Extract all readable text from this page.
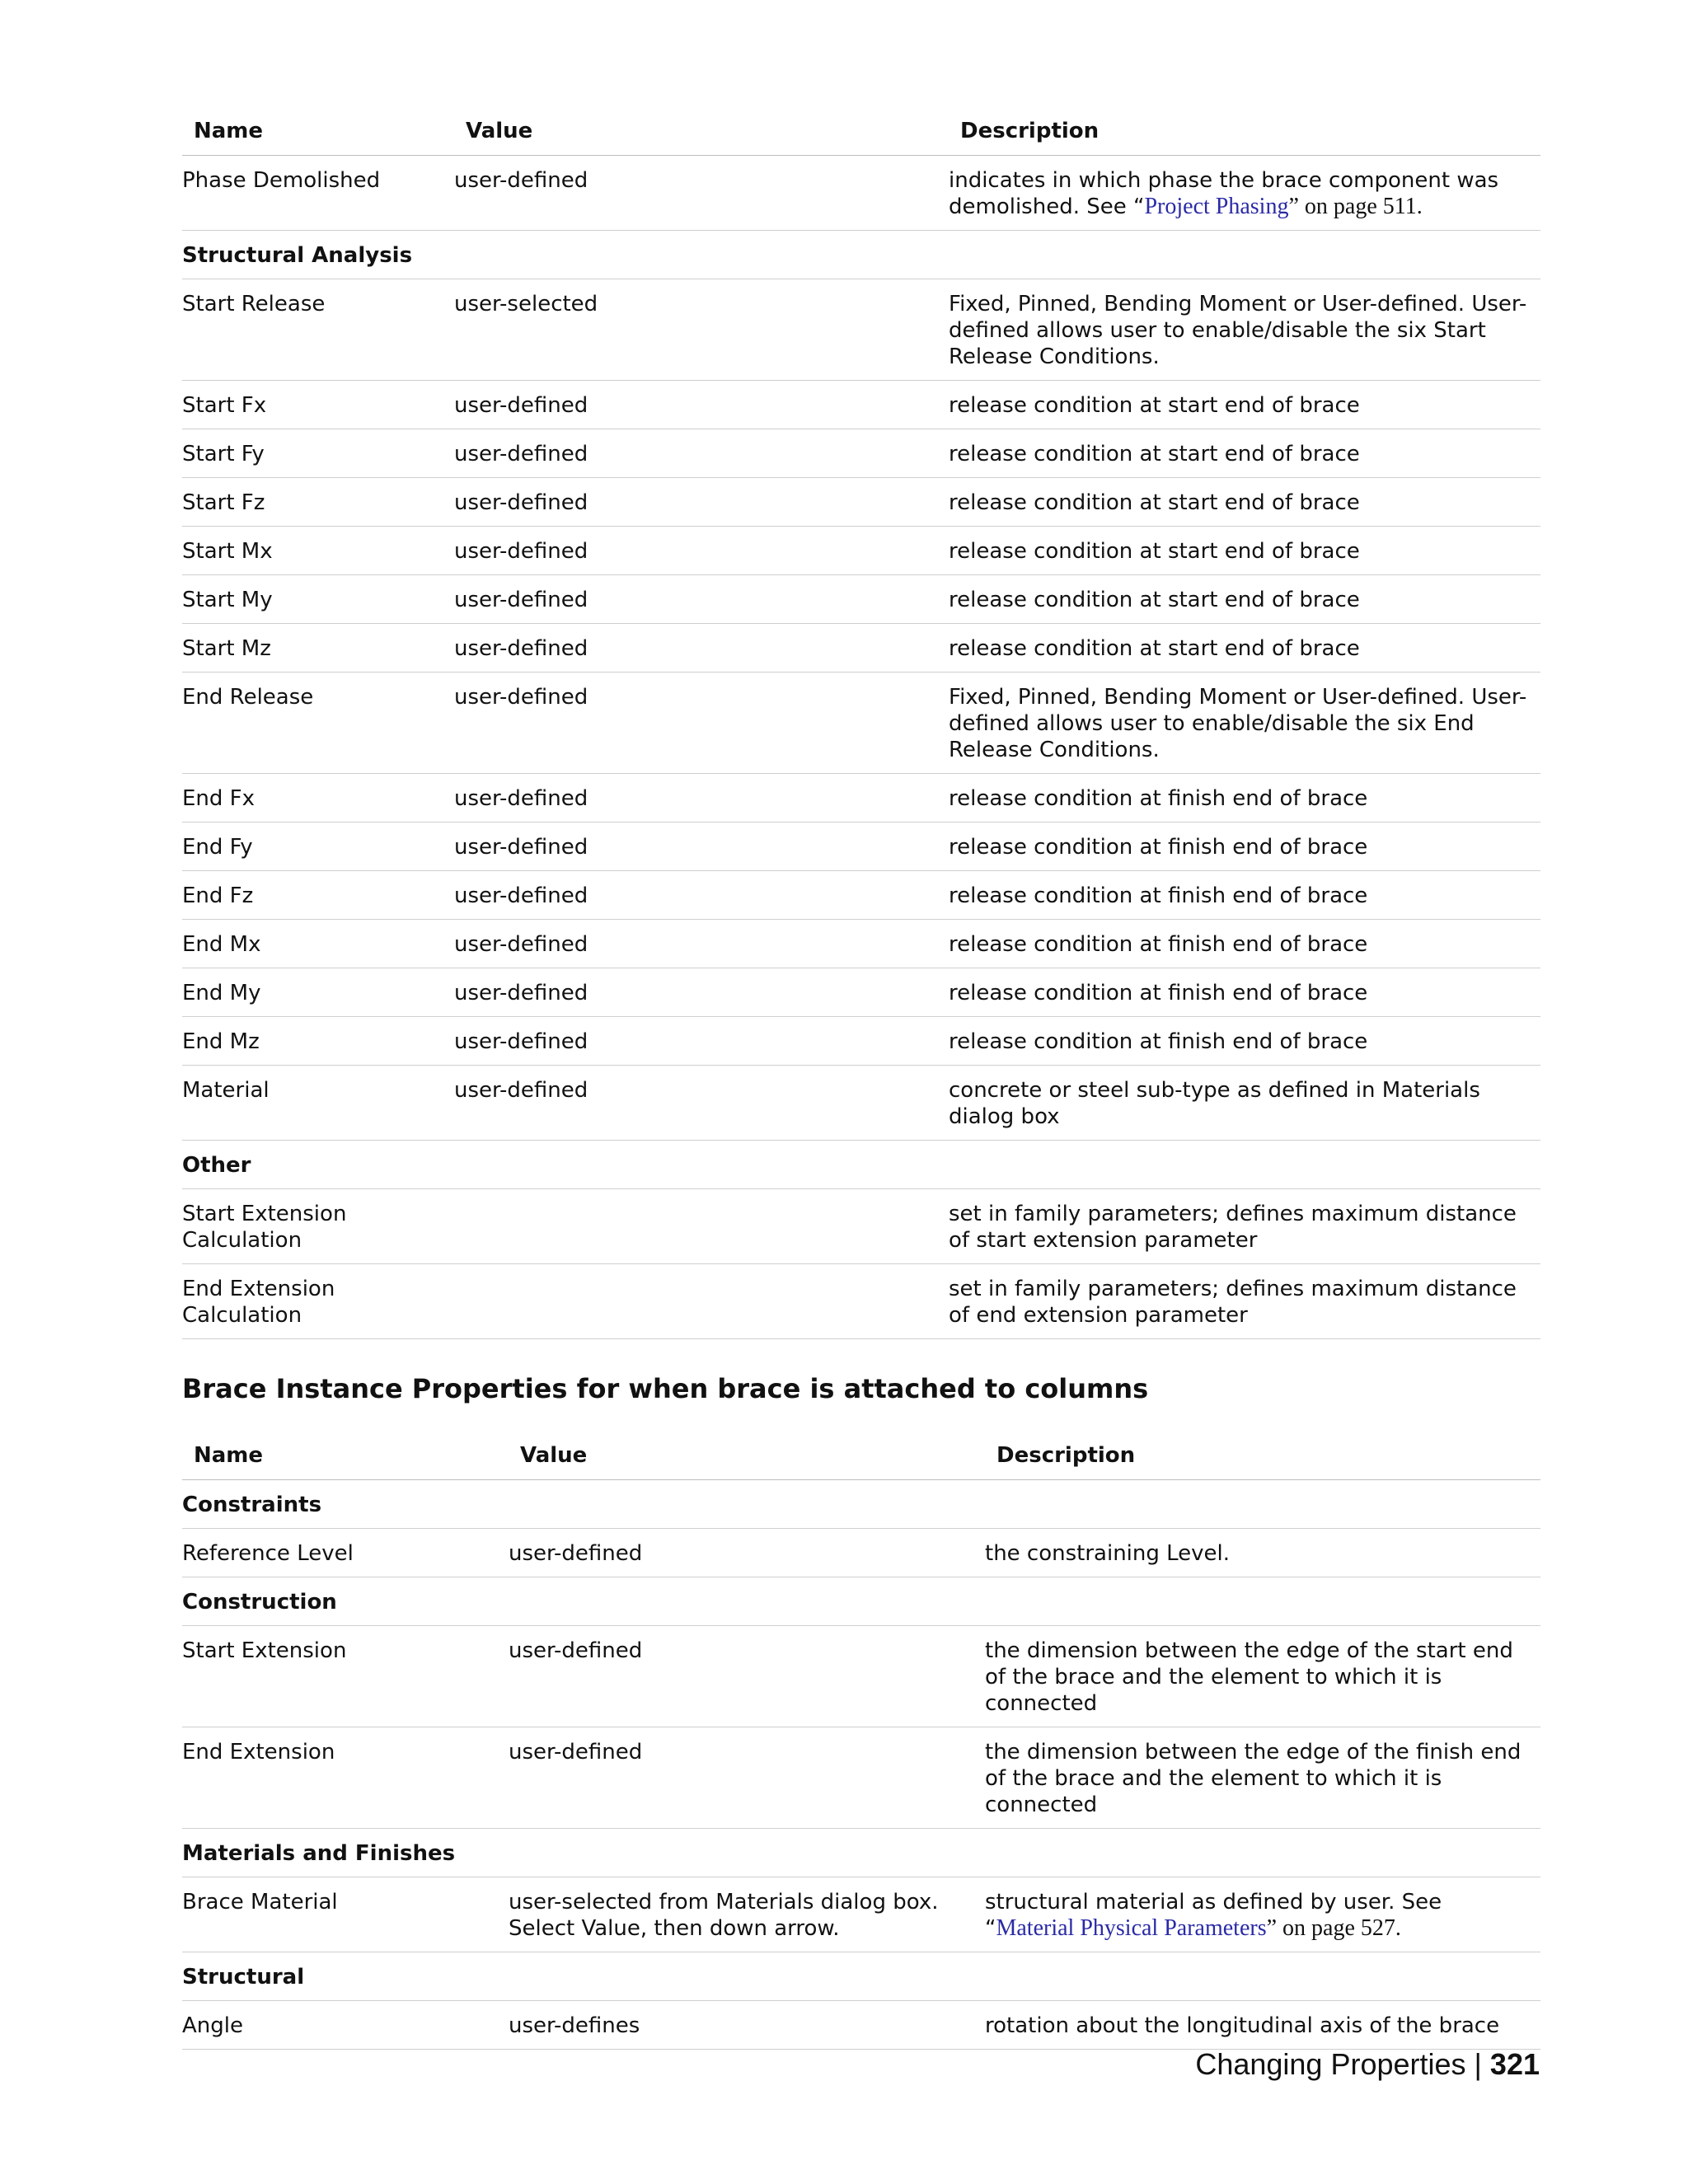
Name	Value	Description
Phase Demolished	user-defined	indicates in which phase the brace component was demolished. See “Project Phasing” on page 511.
Structural Analysis		
Start Release	user-selected	Fixed, Pinned, Bending Moment or User-defined. User-defined allows user to enable/disable the six Start Release Conditions.
Start Fx	user-defined	release condition at start end of brace
Start Fy	user-defined	release condition at start end of brace
Start Fz	user-defined	release condition at start end of brace
Start Mx	user-defined	release condition at start end of brace
Start My	user-defined	release condition at start end of brace
Start Mz	user-defined	release condition at start end of brace
End Release	user-defined	Fixed, Pinned, Bending Moment or User-defined. User-defined allows user to enable/disable the six End Release Conditions.
End Fx	user-defined	release condition at finish end of brace
End Fy	user-defined	release condition at finish end of brace
End Fz	user-defined	release condition at finish end of brace
End Mx	user-defined	release condition at finish end of brace
End My	user-defined	release condition at finish end of brace
End Mz	user-defined	release condition at finish end of brace
Material	user-defined	concrete or steel sub-type as defined in Materials dialog box
Other		
Start Extension Calculation		set in family parameters; defines maximum distance of start extension parameter
End Extension Calculation		set in family parameters; defines maximum distance of end extension parameter
Brace Instance Properties for when brace is attached to columns
Name	Value	Description
Constraints		
Reference Level	user-defined	the constraining Level.
Construction		
Start Extension	user-defined	the dimension between the edge of the start end of the brace and the element to which it is connected
End Extension	user-defined	the dimension between the edge of the finish end of the brace and the element to which it is connected
Materials and Finishes		
Brace Material	user-selected from Materials dialog box. Select Value, then down arrow.	structural material as defined by user. See “Material Physical Parameters” on page 527.
Structural		
Angle	user-defines	rotation about the longitudinal axis of the brace
Changing Properties | 321
